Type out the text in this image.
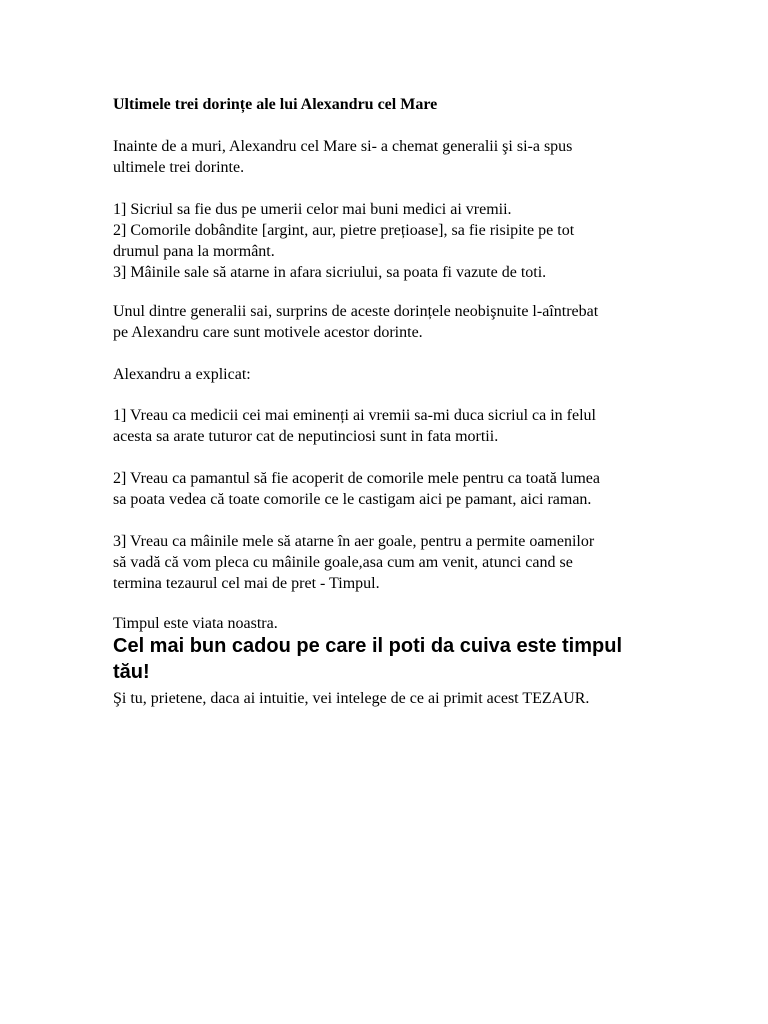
Ultimele trei dorințe ale lui Alexandru cel Mare

Inainte de a muri, Alexandru cel Mare si- a chemat generalii şi si-a spus

ultimele trei dorinte.

1] Sicriul sa fie dus pe umerii celor mai buni medici ai vremii.

2] Comorile dobândite [argint, aur, pietre prețioase], sa fie risipite pe tot

drumul pana la mormânt.

3] Mâinile sale să atarne in afara sicriului, sa poata fi vazute de toti.

Unul dintre generalii sai, surprins de aceste dorințele neobişnuite l-aîntrebat

pe Alexandru care sunt motivele acestor dorinte.

Alexandru a explicat:

1] Vreau ca medicii cei mai eminenți ai vremii sa-mi duca sicriul ca in felul

acesta sa arate tuturor cat de neputinciosi sunt in fata mortii.

2] Vreau ca pamantul să fie acoperit de comorile mele pentru ca toată lumea

sa poata vedea că toate comorile ce le castigam aici pe pamant, aici raman.

3] Vreau ca mâinile mele să atarne în aer goale, pentru a permite oamenilor

să vadă că vom pleca cu mâinile goale,asa cum am venit, atunci cand se

termina tezaurul cel mai de pret - Timpul.

Timpul este viata noastra.

Cel mai bun cadou pe care il poti da cuiva este timpul

tău!

Şi tu, prietene, daca ai intuitie, vei intelege de ce ai primit acest TEZAUR.
